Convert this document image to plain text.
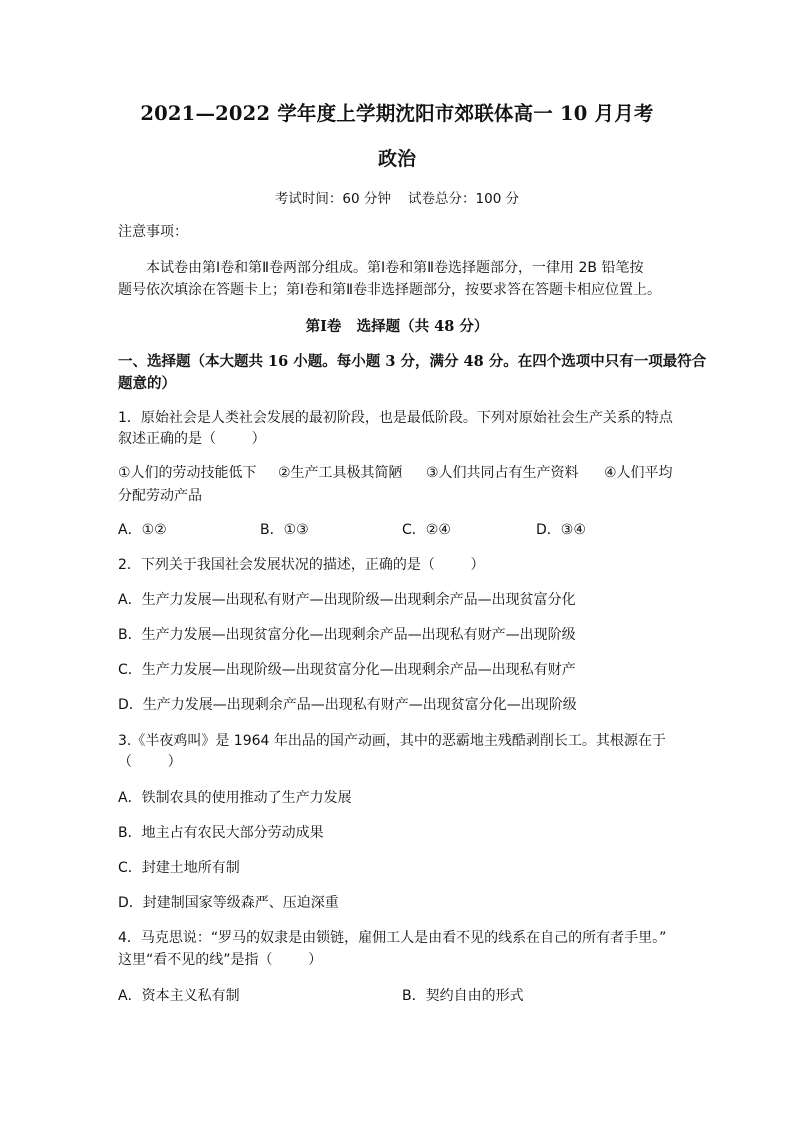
2021—2022 学年度上学期沈阳市郊联体高一 10 月月考
政治
考试时间：60 分钟    试卷总分：100 分
注意事项：
本试卷由第Ⅰ卷和第Ⅱ卷两部分组成。第Ⅰ卷和第Ⅱ卷选择题部分，一律用 2B 铅笔按
题号依次填涂在答题卡上；第Ⅰ卷和第Ⅱ卷非选择题部分，按要求答在答题卡相应位置上。
第Ⅰ卷   选择题（共 48 分）
一、选择题（本大题共 16 小题。每小题 3 分，满分 48 分。在四个选项中只有一项最符合
题意的）
1．原始社会是人类社会发展的最初阶段，也是最低阶段。下列对原始社会生产关系的特点
叙述正确的是（        ）
①人们的劳动技能低下 ②生产工具极其简陋 ③人们共同占有生产资料 ④人们平均
分配劳动产品
A．①②	B．①③	C．②④	D．③④
2．下列关于我国社会发展状况的描述，正确的是（        ）
A．生产力发展—出现私有财产—出现阶级—出现剩余产品—出现贫富分化
B．生产力发展—出现贫富分化—出现剩余产品—出现私有财产—出现阶级
C．生产力发展—出现阶级—出现贫富分化—出现剩余产品—出现私有财产
D．生产力发展—出现剩余产品—出现私有财产—出现贫富分化—出现阶级
3.《半夜鸡叫》是 1964 年出品的国产动画，其中的恶霸地主残酷剥削长工。其根源在于
（        ）
A．铁制农具的使用推动了生产力发展
B．地主占有农民大部分劳动成果
C．封建土地所有制
D．封建制国家等级森严、压迫深重
4．马克思说：“罗马的奴隶是由锁链，雇佣工人是由看不见的线系在自己的所有者手里。”
这里“看不见的线”是指（        ）
A．资本主义私有制	B．契约自由的形式
